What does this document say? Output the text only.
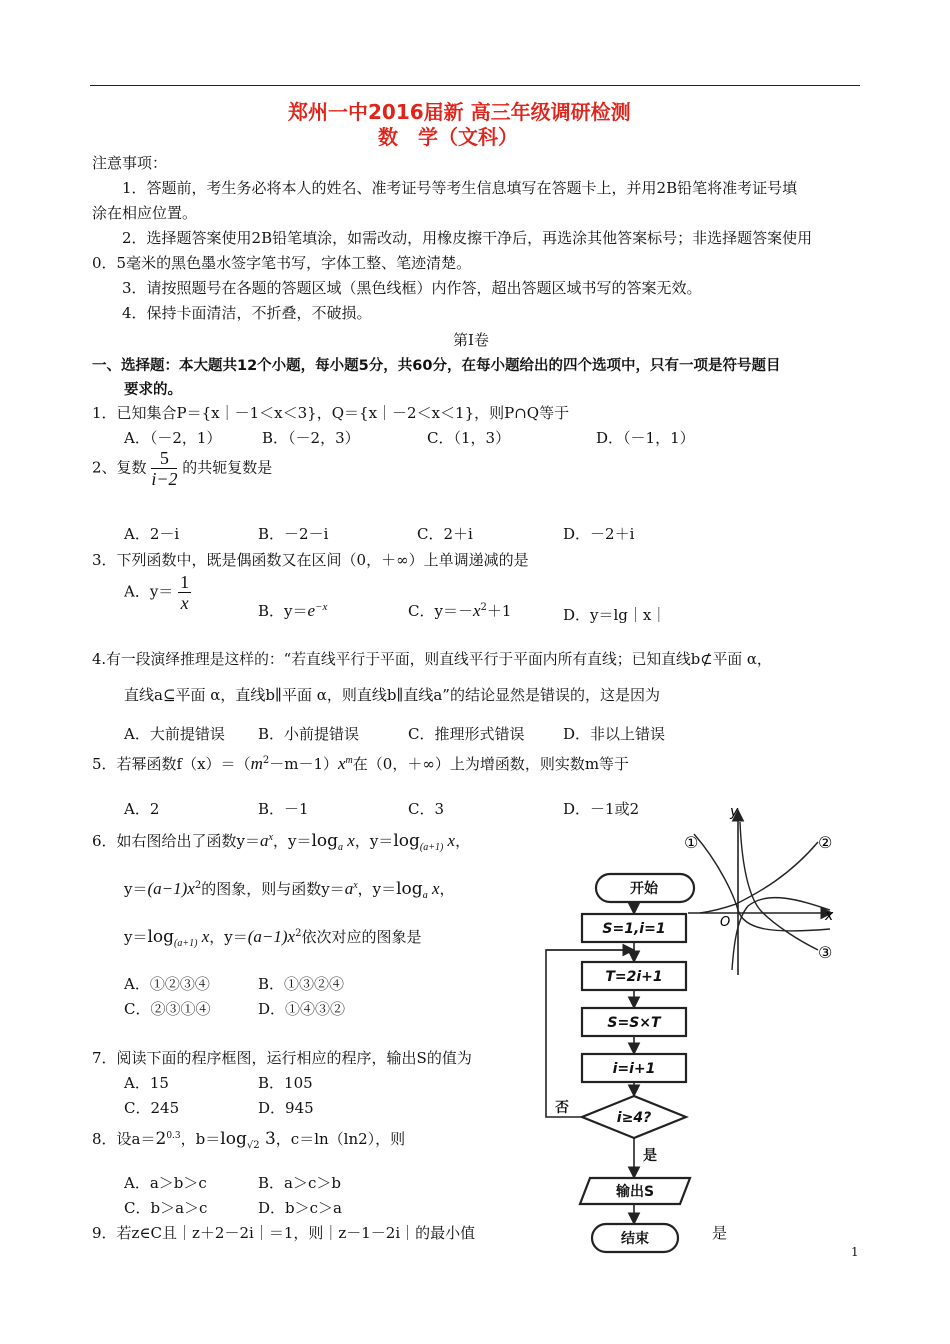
郑州一中2016届新 高三年级调研检测
数　学（文科）
注意事项：
1．答题前，考生务必将本人的姓名、准考证号等考生信息填写在答题卡上，并用2B铅笔将准考证号填
涂在相应位置。
2．选择题答案使用2B铅笔填涂，如需改动，用橡皮擦干净后，再选涂其他答案标号；非选择题答案使用
0．5毫米的黑色墨水签字笔书写，字体工整、笔迹清楚。
3．请按照题号在各题的答题区域（黑色线框）内作答，超出答题区域书写的答案无效。
4．保持卡面清洁，不折叠，不破损。
第Ⅰ卷
一、选择题：本大题共12个小题，每小题5分，共60分，在每小题给出的四个选项中，只有一项是符号题目
要求的。
1．已知集合P＝{x｜－1＜x＜3}，Q＝{x｜－2＜x＜1}，则P∩Q等于
A．（－2，1）	B．（－2，3）	C．（1，3）	D．（－1，1）
2、复数 $\frac{5}{i-2}$ 的共轭复数是
A．2－i	B．－2－i	C．2＋i	D．－2＋i
3．下列函数中，既是偶函数又在区间（0，＋∞）上单调递减的是
A．$y= \frac{1}{x}$	B．$y=e^{-x}$	C．$y=-x^2+1$	D．y＝lg｜x｜
4.有一段演绎推理是这样的：“若直线平行于平面，则直线平行于平面内所有直线；已知直线b⊄平面 α，
直线a⊆平面 α，直线b∥平面 α，则直线b∥直线a”的结论显然是错误的，这是因为
A．大前提错误 B．小前提错误	C．推理形式错误	D．非以上错误
5．若幂函数$f(x)=(m^2-m-1)x^m$在（0，＋∞）上为增函数，则实数m等于
A．2	B．－1	C．3	D．－1或2
6．如右图给出了函数$y=a^x$，$y=\log_a$ x，$y=\log_{(a+1)}$ x，
$y=(a-1)x^2$的图象，则与函数$y=a^x$，$y=\log_a$ x，
$y=\log_{(a+1)}$ x，$y=(a-1)x^2$依次对应的图象是
A．①②③④	B．①③②④
C．②③①④	D．①④③②
7．阅读下面的程序框图，运行相应的程序，输出S的值为
A．15	B．105
C．245	D．945
8．设$a=2^{0.3}$，$b=\log_{√2}$ 3，c＝ln（ln2），则
A．a＞b＞c	B．a＞c＞b
C．b＞a＞c	D．b＞c＞a
9．若z∈C且｜z＋2－2i｜＝1，则｜z－1－2i｜的最小值	是
y
x
O
①	②
③
开始
S=1,i=1
T=2i+1
S=S×T
i=i+1
i≥4?
否
是
输出S
结束
1
